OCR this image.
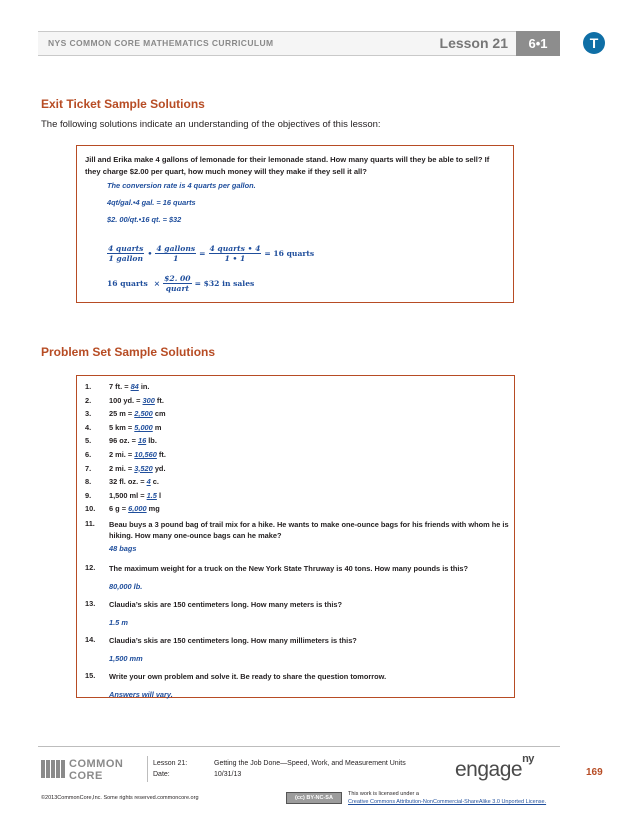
NYS COMMON CORE MATHEMATICS CURRICULUM	Lesson 21	6•1	T
Exit Ticket Sample Solutions
The following solutions indicate an understanding of the objectives of this lesson:
Jill and Erika make 4 gallons of lemonade for their lemonade stand. How many quarts will they be able to sell? If they charge $2.00 per quart, how much money will they make if they sell it all?
The conversion rate is 4 quarts per gallon.
4qt/gal.•4 gal. = 16 quarts
$2. 00/qt.•16 qt. = $32
$\frac{\text{4 quarts}}{\text{1 gallon}}$ • $\frac{\text{4 gallons}}{1} = \frac{\text{4 quarts • 4}}{1 • 1} = 16$ quarts
16 quarts × $\frac{\$2. 00}{\text{quart}}$ = $32 in sales
Problem Set Sample Solutions
1.	7 ft. = 84 in.
2.	100 yd. = 300 ft.
3.	25 m = 2,500 cm
4.	5 km = 5,000 m
5.	96 oz. = 16 lb.
6.	2 mi. = 10,560 ft.
7.	2 mi. = 3,520 yd.
8.	32 fl. oz. = 4 c.
9.	1,500 ml = 1.5 l
10.	6 g = 6,000 mg
11.	Beau buys a 3 pound bag of trail mix for a hike. He wants to make one-ounce bags for his friends with whom he is hiking. How many one-ounce bags can he make?
48 bags
12.	The maximum weight for a truck on the New York State Thruway is 40 tons. How many pounds is this?
80,000 lb.
13.	Claudia’s skis are 150 centimeters long. How many meters is this?
1.5 m
14.	Claudia’s skis are 150 centimeters long. How many millimeters is this?
1,500 mm
15.	Write your own problem and solve it. Be ready to share the question tomorrow.
Answers will vary.
COMMON
CORE
Lesson 21:	Getting the Job Done—Speed, Work, and Measurement Units
Date:	10/31/13	engage$^{ny}$
169
©2013CommonCore,Inc. Some rights reserved.commoncore.org	(cc) BY-NC-SA
This work is licensed under a
Creative Commons Attribution-NonCommercial-ShareAlike 3.0 Unported License.
